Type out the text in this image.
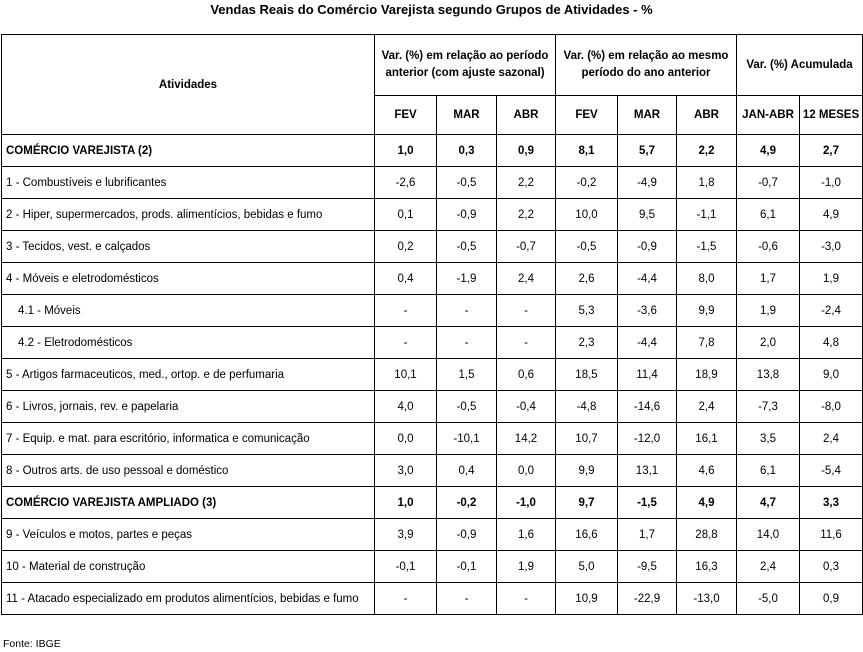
Vendas Reais do Comércio Varejista segundo Grupos de Atividades - %
Atividades	Var. (%) em relação ao período anterior (com ajuste sazonal)			Var. (%) em relação ao mesmo período do ano anterior			Var. (%) Acumulada	
	FEV	MAR	ABR	FEV	MAR	ABR	JAN-ABR	12 MESES
COMÉRCIO VAREJISTA (2)	1,0	0,3	0,9	8,1	5,7	2,2	4,9	2,7
1 - Combustíveis e lubrificantes	-2,6	-0,5	2,2	-0,2	-4,9	1,8	-0,7	-1,0
2 - Hiper, supermercados, prods. alimentícios, bebidas e fumo	0,1	-0,9	2,2	10,0	9,5	-1,1	6,1	4,9
3 - Tecidos, vest. e calçados	0,2	-0,5	-0,7	-0,5	-0,9	-1,5	-0,6	-3,0
4 - Móveis e eletrodomésticos	0,4	-1,9	2,4	2,6	-4,4	8,0	1,7	1,9
4.1 - Móveis	-	-	-	5,3	-3,6	9,9	1,9	-2,4
4.2 - Eletrodomésticos	-	-	-	2,3	-4,4	7,8	2,0	4,8
5 - Artigos farmaceuticos, med., ortop. e de perfumaria	10,1	1,5	0,6	18,5	11,4	18,9	13,8	9,0
6 - Livros, jornais, rev. e papelaria	4,0	-0,5	-0,4	-4,8	-14,6	2,4	-7,3	-8,0
7 - Equip. e mat. para escritório, informatica e comunicação	0,0	-10,1	14,2	10,7	-12,0	16,1	3,5	2,4
8 - Outros arts. de uso pessoal e doméstico	3,0	0,4	0,0	9,9	13,1	4,6	6,1	-5,4
COMÉRCIO VAREJISTA AMPLIADO (3)	1,0	-0,2	-1,0	9,7	-1,5	4,9	4,7	3,3
9 - Veículos e motos, partes e peças	3,9	-0,9	1,6	16,6	1,7	28,8	14,0	11,6
10 - Material de construção	-0,1	-0,1	1,9	5,0	-9,5	16,3	2,4	0,3
11 - Atacado especializado em produtos alimentícios, bebidas e fumo	-	-	-	10,9	-22,9	-13,0	-5,0	0,9
Fonte: IBGE
